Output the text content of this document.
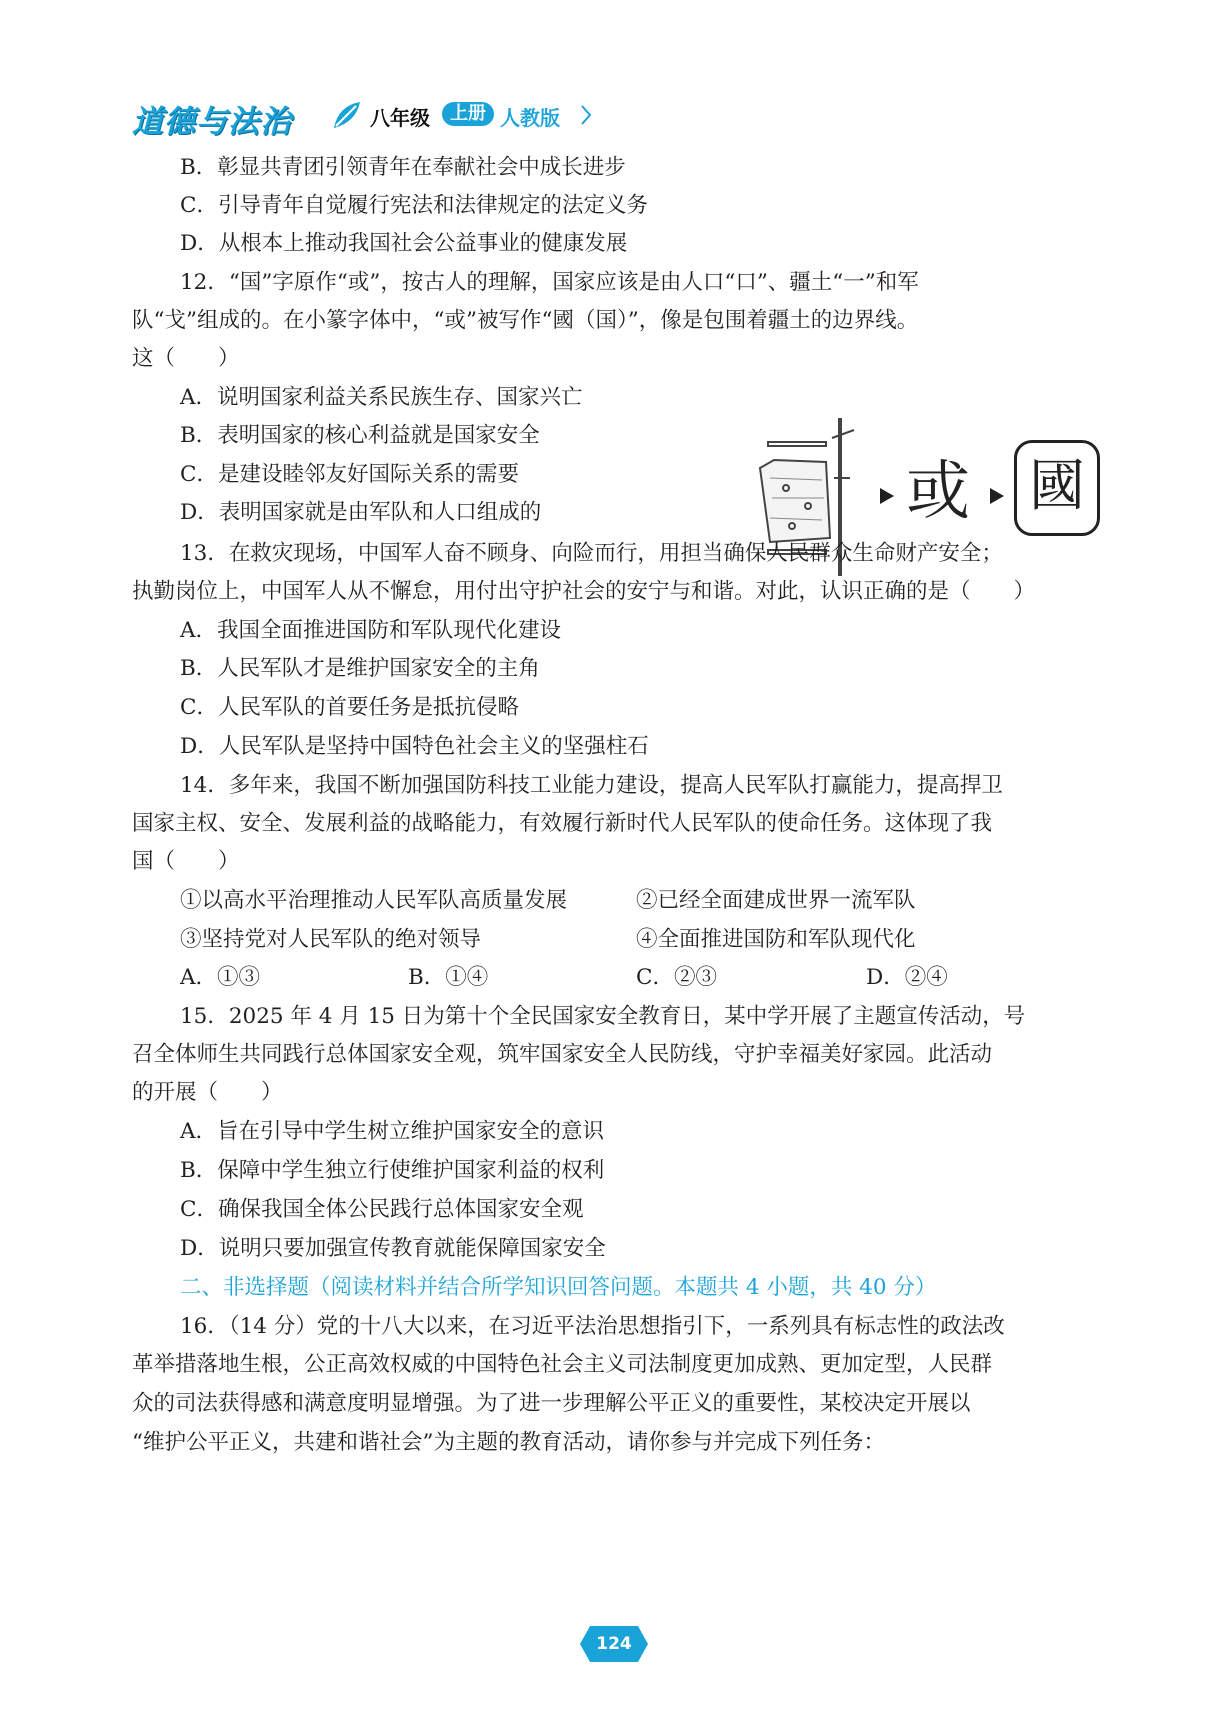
道德与法治	八年级	上册 人教版
B．彰显共青团引领青年在奉献社会中成长进步
C．引导青年自觉履行宪法和法律规定的法定义务
D．从根本上推动我国社会公益事业的健康发展
12．“国”字原作“或”，按古人的理解，国家应该是由人口“口”、疆土“一”和军
队“戈”组成的。在小篆字体中，“或”被写作“國（国）”，像是包围着疆土的边界线。
这（　　）
A．说明国家利益关系民族生存、国家兴亡
B．表明国家的核心利益就是国家安全
C．是建设睦邻友好国际关系的需要
D．表明国家就是由军队和人口组成的	或 國
13．在救灾现场，中国军人奋不顾身、向险而行，用担当确保人民群众生命财产安全；
执勤岗位上，中国军人从不懈怠，用付出守护社会的安宁与和谐。对此，认识正确的是（　　）
A．我国全面推进国防和军队现代化建设
B．人民军队才是维护国家安全的主角
C．人民军队的首要任务是抵抗侵略
D．人民军队是坚持中国特色社会主义的坚强柱石
14．多年来，我国不断加强国防科技工业能力建设，提高人民军队打赢能力，提高捍卫
国家主权、安全、发展利益的战略能力，有效履行新时代人民军队的使命任务。这体现了我
国（　　）
①以高水平治理推动人民军队高质量发展	②已经全面建成世界一流军队
③坚持党对人民军队的绝对领导	④全面推进国防和军队现代化
A．①③	B．①④	C．②③	D．②④
15．2025 年 4 月 15 日为第十个全民国家安全教育日，某中学开展了主题宣传活动，号
召全体师生共同践行总体国家安全观，筑牢国家安全人民防线，守护幸福美好家园。此活动
的开展（　　）
A．旨在引导中学生树立维护国家安全的意识
B．保障中学生独立行使维护国家利益的权利
C．确保我国全体公民践行总体国家安全观
D．说明只要加强宣传教育就能保障国家安全
二、非选择题（阅读材料并结合所学知识回答问题。本题共 4 小题，共 40 分）
16．（14 分）党的十八大以来，在习近平法治思想指引下，一系列具有标志性的政法改
革举措落地生根，公正高效权威的中国特色社会主义司法制度更加成熟、更加定型，人民群
众的司法获得感和满意度明显增强。为了进一步理解公平正义的重要性，某校决定开展以
“维护公平正义，共建和谐社会”为主题的教育活动，请你参与并完成下列任务：
124
